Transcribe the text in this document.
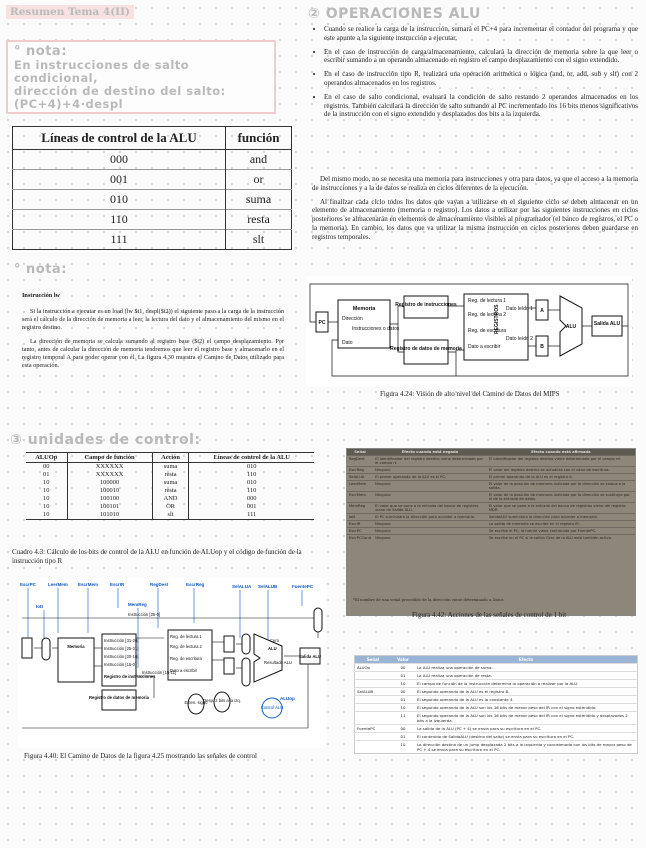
Resumen Tema 4(II)
° nota:
En instrucciones de salto condicional,
dirección de destino del salto:
(PC+4)+4·despl
Líneas de control de la ALU	función
000	and
001	or
010	suma
110	resta
111	slt
° nota:
Instrucción lw

Si la instrucción a ejecutar es un load (lw $t1, despl($t2)) el siguiente paso a la carga de la instrucción será el cálculo de la dirección de memoria a leer, la lectura del dato y el almacenamiento del mismo en el registro destino.

La dirección de memoria se calcula sumando al registro base ($t2) el campo desplazamiento. Por tanto, antes de calcular la dirección de memoria tendremos que leer el registro base y almacenarlo en el registro temporal A para poder operar con él. La figura 4.30 muestra el Camino de Datos utilizado para esta operación.

② OPERACIONES ALU
• Cuando se realice la carga de la instrucción, sumará el PC+4 para incrementar el contador del programa y que este apunte a la siguiente instrucción a ejecutar.
• En el caso de instrucción de carga/almacenamiento, calculará la dirección de memoria sobre la que leer o escribir sumando a un operando almacenado en registro el campo desplazamiento con el signo extendido.
• En el caso de instrucción tipo R, realizará una operación aritmética o lógica (and, or, add, sub y slt) con 2 operandos almacenados en los registros.
• En el caso de salto condicional, evaluará la condición de salto restando 2 operandos almacenados en los registros. También calculará la dirección de salto sumando al PC incrementado los 16 bits menos significativos de la instrucción con el signo extendido y desplazados dos bits a la izquierda.

Del mismo modo, no se necesita una memoria para instrucciones y otra para datos, ya que el acceso a la memoria de instrucciones y a la de datos se realiza en ciclos diferentes de la ejecución.

Al finalizar cada ciclo todos los datos que vayan a utilizarse en el siguiente ciclo se deben almacenar en un elemento de almacenamiento (memoria o registro). Los datos a utilizar por las siguientes instrucciones en ciclos posteriores se almacenarán en elementos de almacenamiento visibles al programador (el banco de registros, el PC o la memoria). En cambio, los datos que va utilizar la misma instrucción en ciclos posteriores deben guardarse en registros temporales.

PC
Memoria
Dirección
Instrucciones o datos
Dato
Registro de instrucciones
Registro de datos de memoria
Reg. de lectura 1
Reg. de lectura 2
Reg. de escritura
Dato a escribir
REGISTROS Dato leído 1
Dato leído 2
A
B
ALU	Salida ALU
Figura 4.24: Visión de alto nivel del Camino de Datos del MIPS
③ unidades de control:
ALUOp	Campo de función	Acción	Líneas de control de la ALU
00	XXXXXX	suma	010
01	XXXXXX	resta	110
10	100000	suma	010
10	100010	resta	110
10	100100	AND	000
10	100101	OR	001
10	101010	slt	111
Cuadro 4.3: Cálculo de los bits de control de la ALU en función de ALUop y el código de función de la instrucción tipo R
EscrPC	LeerMem EscrMem	EscrIR	RegDest	EscrReg	SelALUA SelALUB	FuentePC
IoD	MemReg
ALUop
Memoria
Instrucción [31-26]
Instrucción [25-21]
Instrucción [20-16]
Instrucción [15-0]
Registro de instrucciones
Instrucción [25-0]
Registro de datos de memoria
Reg. de lectura 1
Reg. de lectura 2
Reg. de escritura
Dato a escribir
Instrucción [15-11]
ALU
Cero
Resultado ALU
Salida ALU
Exten. signo
Desp. 2 bits a la izq.
Control ALU
Figura 4.40: El Camino de Datos de la figura 4.25 mostrando las señales de control
Señal	Efecto cuando está negada	Efecto cuando está afirmada
RegDest	El identificador del registro destino viene determinado por el campo rt.	El identificador del registro destino viene determinado por el campo rd.
EscrReg	Ninguno	El valor del registro destino se actualiza con el valor de escritura.
SelALUA	El primer operando de la ALU es el PC.	El primer operando de la ALU es el registro A.
LeerMem	Ninguno	El valor de la posición de memoria indicada por la dirección se coloca a la salida.
EscrMem	Ninguno	El valor de la posición de memoria indicada por la dirección se sustituye por el de la entrada de datos.
MemReg	El valor que se pone a la entrada del banco de registros viene de Salida ALU.	El valor que se pone a la entrada del banco de registros viene del registro MDR.
IoD	El PC suministra la dirección para acceder a memoria.	SalidaALU suministra la dirección para acceder a memoria.
EscrIR	Ninguno	La salida de memoria se escribe en el registro IR.
EscrPC	Ninguno	Se escribe el PC; la fuente viene controlada por FuentePC.
EscrPCCond	Ninguno	Se escribe en el PC si la salida Cero de la ALU está también activa.
*El nombre de una señal precedido de la dirección viene determinado a Datos
Figura 4.42: Acciones de las señales de control de 1 bit
Señal	Valor	Efecto
ALUOp	00	La ALU realiza una operación de suma.
	01	La ALU realiza una operación de resta.
	10	El campo de función de la instrucción determina la operación a realizar por la ALU.
SelALUB	00	El segundo operando de la ALU es el registro B.
	01	El segundo operando de la ALU es la constante 4.
	10	El segundo operando de la ALU son los 16 bits de menor peso del IR con el signo extendido.
	11	El segundo operando de la ALU son los 16 bits de menor peso del IR con el signo extendido y desplazados 2 bits a la izquierda.
FuentePC	00	La salida de la ALU (PC + 4) se envia para su escritura en el PC.
	01	El contenido de SalidaALU (destino del salto) se envia para su escritura en el PC.
	10	La dirección destino de un jump desplazada 2 bits a la izquierda y concatenada con los bits de mayor peso de PC + 4 se envia para su escritura en el PC.
